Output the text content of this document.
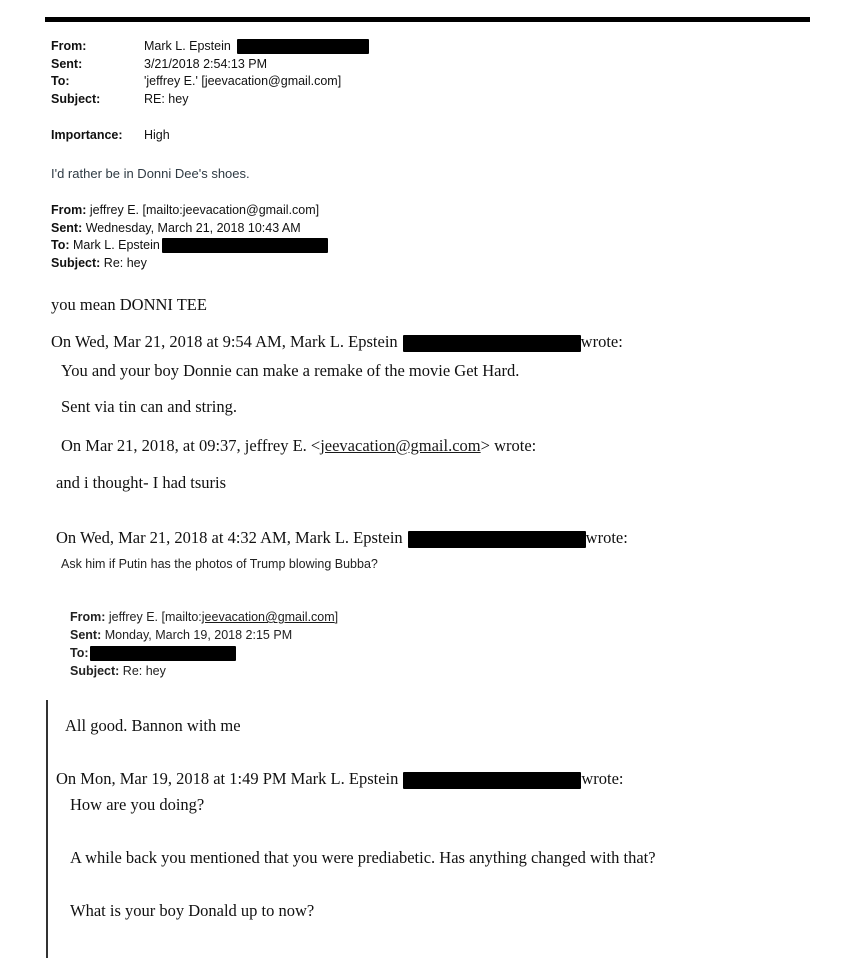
From:	Mark L. Epstein
Sent:	3/21/2018 2:54:13 PM
To:	'jeffrey E.' [jeevacation@gmail.com]
Subject:	RE: hey
Importance:	High
I'd rather be in Donni Dee's shoes.
From: jeffrey E. [mailto:jeevacation@gmail.com]
Sent: Wednesday, March 21, 2018 10:43 AM
To: Mark L. Epstein
Subject: Re: hey
you mean DONNI TEE
On Wed, Mar 21, 2018 at 9:54 AM, Mark L. Epstein	wrote:
You and your boy Donnie can make a remake of the movie Get Hard.
Sent via tin can and string.
On Mar 21, 2018, at 09:37, jeffrey E. <jeevacation@gmail.com> wrote:
and i thought- I had tsuris
On Wed, Mar 21, 2018 at 4:32 AM, Mark L. Epstein	wrote:
Ask him if Putin has the photos of Trump blowing Bubba?
From: jeffrey E. [mailto:jeevacation@gmail.com]
Sent: Monday, March 19, 2018 2:15 PM
To:
Subject: Re: hey
All good. Bannon with me
On Mon, Mar 19, 2018 at 1:49 PM Mark L. Epstein	wrote:
How are you doing?
A while back you mentioned that you were prediabetic. Has anything changed with that?
What is your boy Donald up to now?
